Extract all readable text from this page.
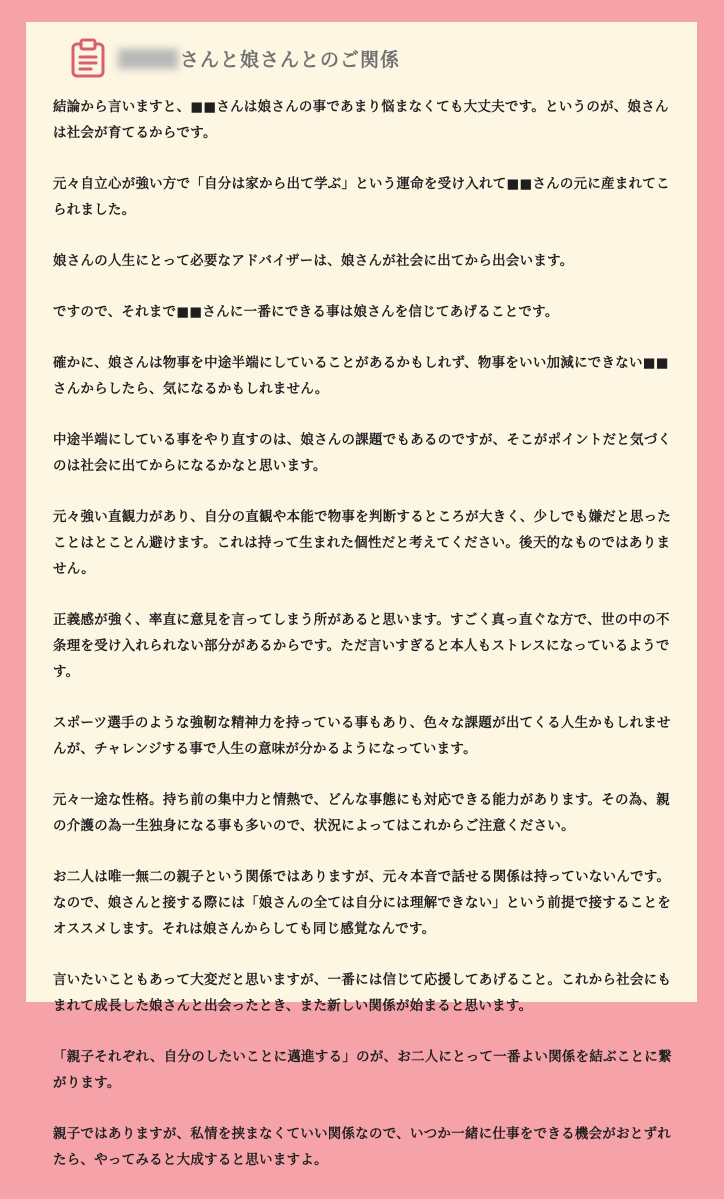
さんと娘さんとのご関係

結論から言いますと、■■さんは娘さんの事であまり悩まなくても大丈夫です。というのが、娘さんは社会が育てるからです。

元々自立心が強い方で「自分は家から出て学ぶ」という運命を受け入れて■■さんの元に産まれてこられました。

娘さんの人生にとって必要なアドバイザーは、娘さんが社会に出てから出会います。

ですので、それまで■■さんに一番にできる事は娘さんを信じてあげることです。

確かに、娘さんは物事を中途半端にしていることがあるかもしれず、物事をいい加減にできない■■さんからしたら、気になるかもしれません。

中途半端にしている事をやり直すのは、娘さんの課題でもあるのですが、そこがポイントだと気づくのは社会に出てからになるかなと思います。

元々強い直観力があり、自分の直観や本能で物事を判断するところが大きく、少しでも嫌だと思ったことはとことん避けます。これは持って生まれた個性だと考えてください。後天的なものではありません。

正義感が強く、率直に意見を言ってしまう所があると思います。すごく真っ直ぐな方で、世の中の不条理を受け入れられない部分があるからです。ただ言いすぎると本人もストレスになっているようです。

スポーツ選手のような強靭な精神力を持っている事もあり、色々な課題が出てくる人生かもしれませんが、チャレンジする事で人生の意味が分かるようになっています。

元々一途な性格。持ち前の集中力と情熱で、どんな事態にも対応できる能力があります。その為、親の介護の為一生独身になる事も多いので、状況によってはこれからご注意ください。

お二人は唯一無二の親子という関係ではありますが、元々本音で話せる関係は持っていないんです。なので、娘さんと接する際には「娘さんの全ては自分には理解できない」という前提で接することをオススメします。それは娘さんからしても同じ感覚なんです。

言いたいこともあって大変だと思いますが、一番には信じて応援してあげること。これから社会にもまれて成長した娘さんと出会ったとき、また新しい関係が始まると思います。

「親子それぞれ、自分のしたいことに邁進する」のが、お二人にとって一番よい関係を結ぶことに繋がります。

親子ではありますが、私情を挟まなくていい関係なので、いつか一緒に仕事をできる機会がおとずれたら、やってみると大成すると思いますよ。
